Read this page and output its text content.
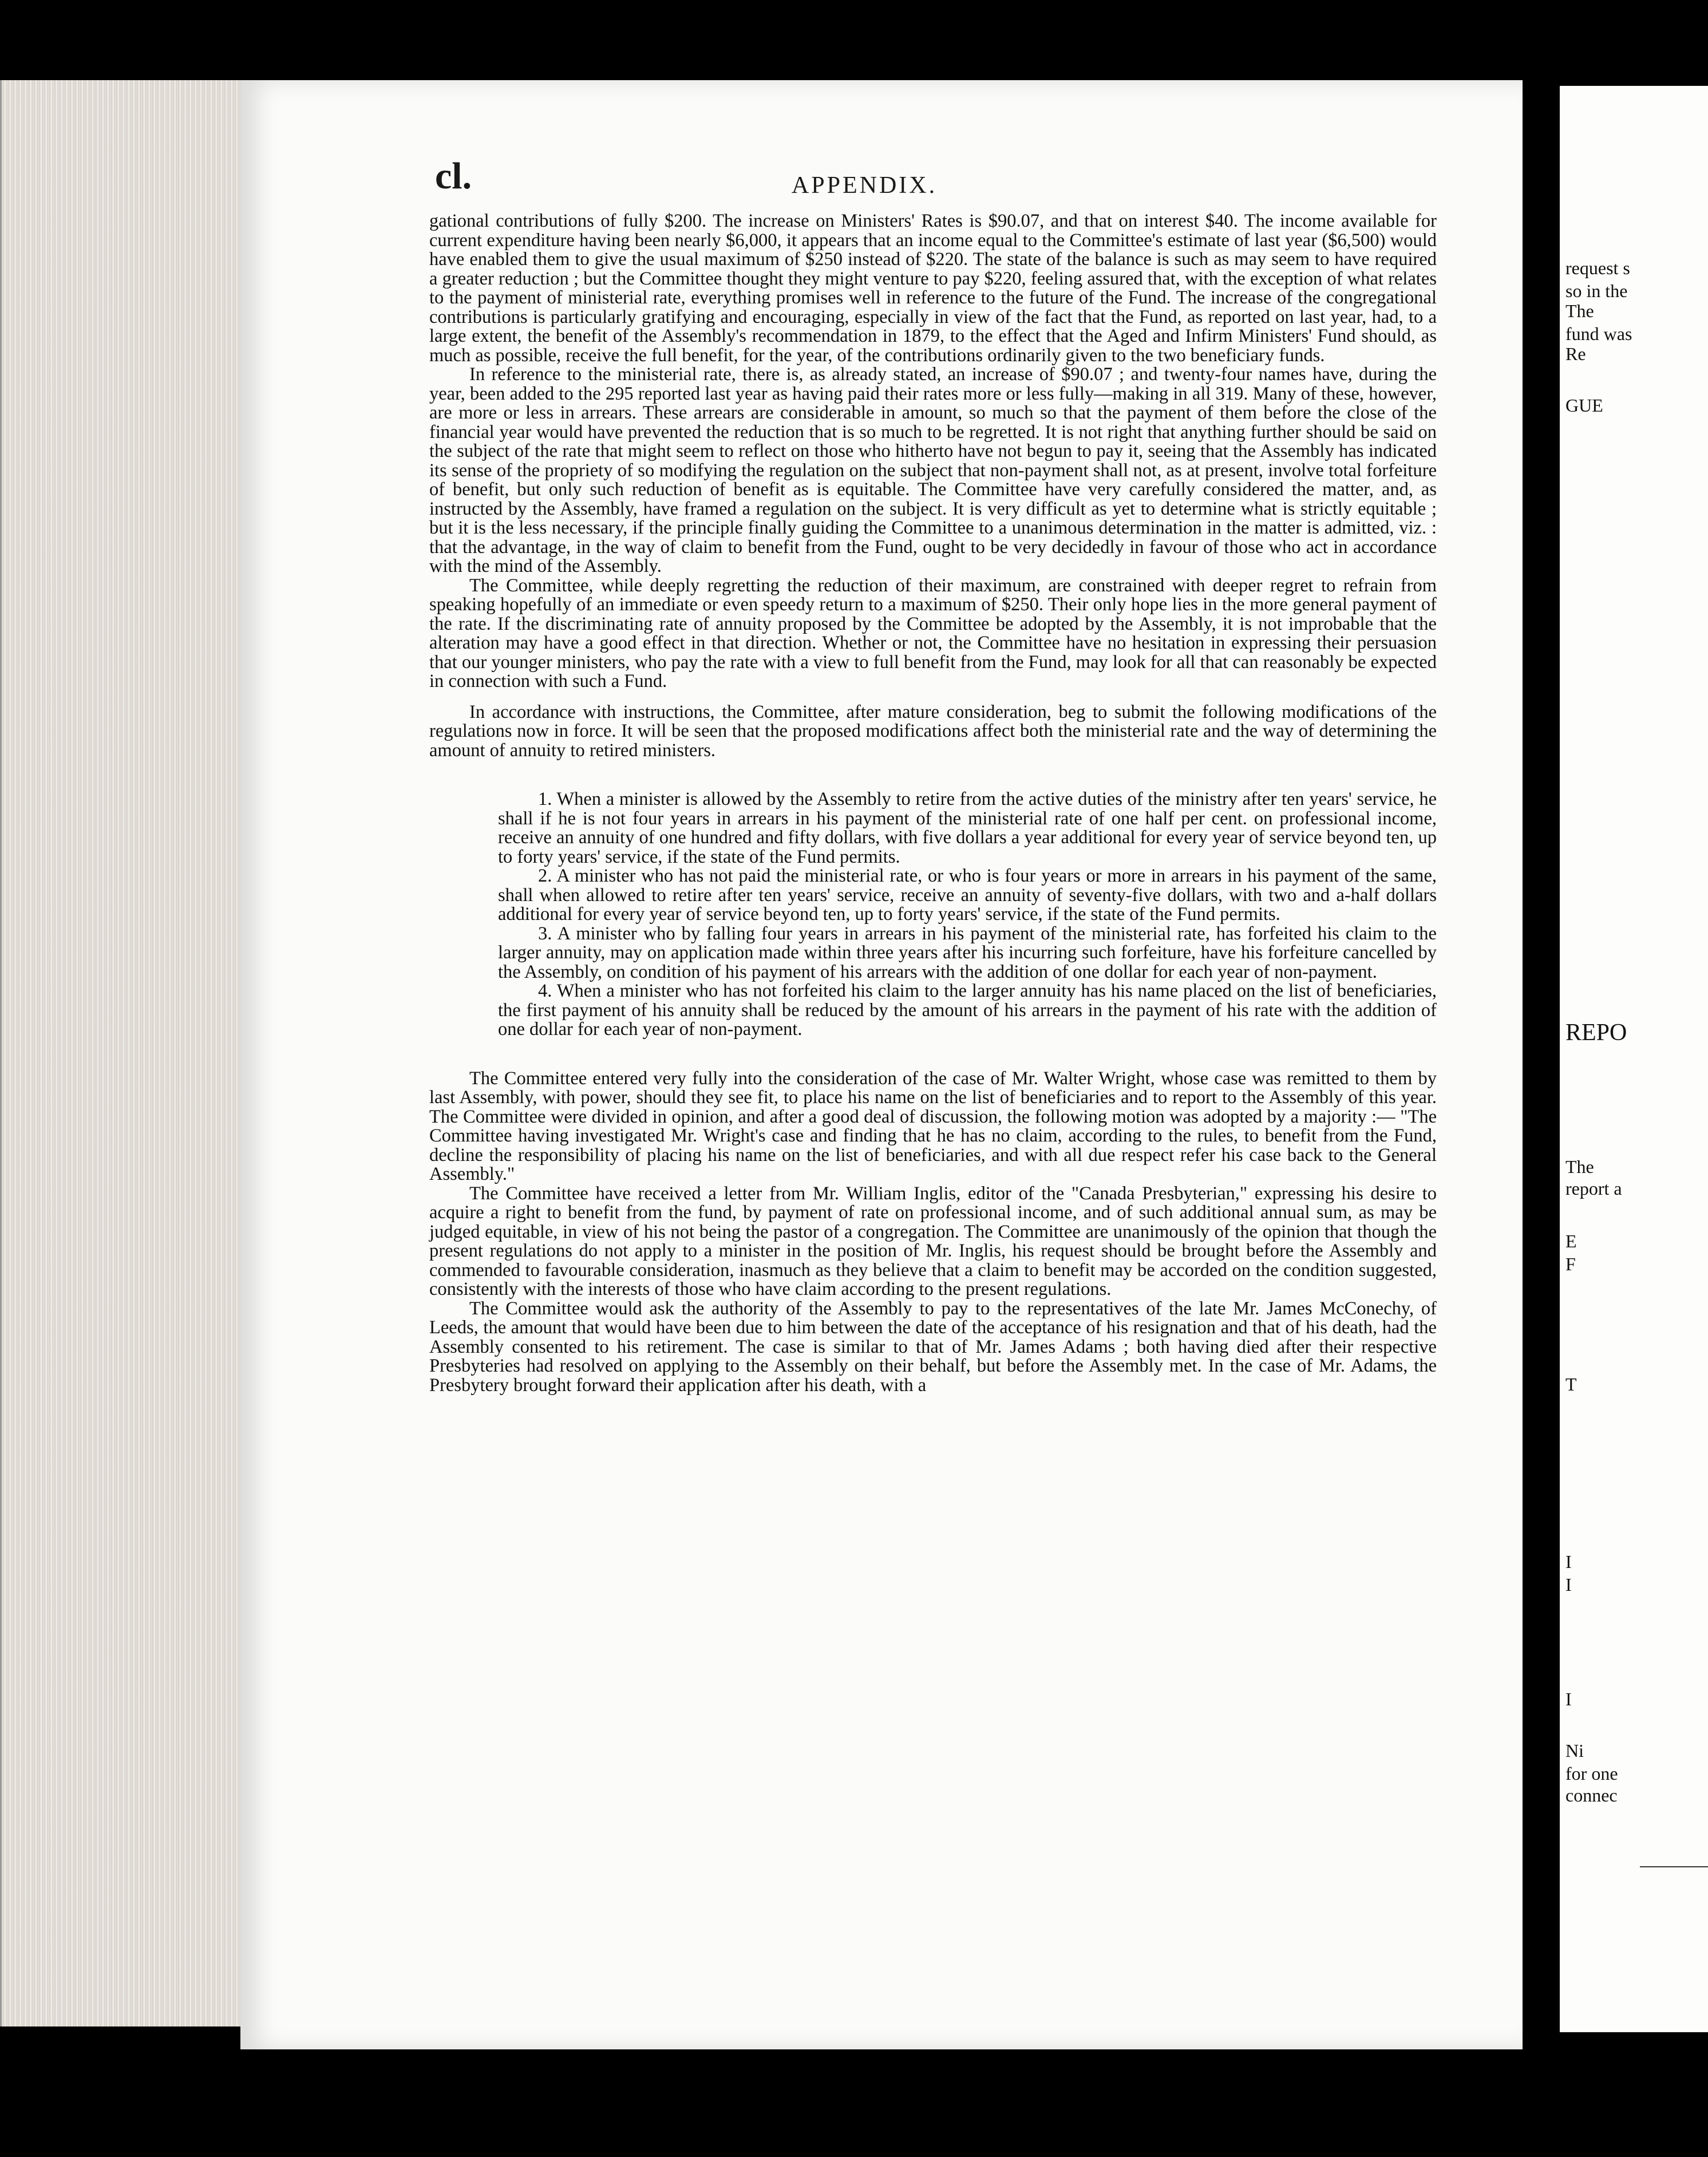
cl.	APPENDIX.

gational contributions of fully $200. The increase on Ministers' Rates is $90.07, and that on interest $40. The income available for current expenditure having been nearly $6,000, it appears that an income equal to the Committee's estimate of last year ($6,500) would have enabled them to give the usual maximum of $250 instead of $220. The state of the balance is such as may seem to have required a greater reduction ; but the Committee thought they might venture to pay $220, feeling assured that, with the exception of what relates to the payment of ministerial rate, everything promises well in reference to the future of the Fund. The increase of the congregational contributions is particularly gratifying and encouraging, especially in view of the fact that the Fund, as reported on last year, had, to a large extent, the benefit of the Assembly's recommendation in 1879, to the effect that the Aged and Infirm Ministers' Fund should, as much as possible, receive the full benefit, for the year, of the contributions ordinarily given to the two beneficiary funds.

In reference to the ministerial rate, there is, as already stated, an increase of $90.07 ; and twenty-four names have, during the year, been added to the 295 reported last year as having paid their rates more or less fully—making in all 319. Many of these, however, are more or less in arrears. These arrears are considerable in amount, so much so that the payment of them before the close of the financial year would have prevented the reduction that is so much to be regretted. It is not right that anything further should be said on the subject of the rate that might seem to reflect on those who hitherto have not begun to pay it, seeing that the Assembly has indicated its sense of the propriety of so modifying the regulation on the subject that non-payment shall not, as at present, involve total forfeiture of benefit, but only such reduction of benefit as is equitable. The Committee have very carefully considered the matter, and, as instructed by the Assembly, have framed a regulation on the subject. It is very difficult as yet to determine what is strictly equitable ; but it is the less necessary, if the principle finally guiding the Committee to a unanimous determination in the matter is admitted, viz. : that the advantage, in the way of claim to benefit from the Fund, ought to be very decidedly in favour of those who act in accordance with the mind of the Assembly.

The Committee, while deeply regretting the reduction of their maximum, are constrained with deeper regret to refrain from speaking hopefully of an immediate or even speedy return to a maximum of $250. Their only hope lies in the more general payment of the rate. If the discriminating rate of annuity proposed by the Committee be adopted by the Assembly, it is not improbable that the alteration may have a good effect in that direction. Whether or not, the Committee have no hesitation in expressing their persuasion that our younger ministers, who pay the rate with a view to full benefit from the Fund, may look for all that can reasonably be expected in connection with such a Fund.

In accordance with instructions, the Committee, after mature consideration, beg to submit the following modifications of the regulations now in force. It will be seen that the proposed modifications affect both the ministerial rate and the way of determining the amount of annuity to retired ministers.

1. When a minister is allowed by the Assembly to retire from the active duties of the ministry after ten years' service, he shall if he is not four years in arrears in his payment of the ministerial rate of one half per cent. on professional income, receive an annuity of one hundred and fifty dollars, with five dollars a year additional for every year of service beyond ten, up to forty years' service, if the state of the Fund permits.

2. A minister who has not paid the ministerial rate, or who is four years or more in arrears in his payment of the same, shall when allowed to retire after ten years' service, receive an annuity of seventy-five dollars, with two and a-half dollars additional for every year of service beyond ten, up to forty years' service, if the state of the Fund permits.

3. A minister who by falling four years in arrears in his payment of the ministerial rate, has forfeited his claim to the larger annuity, may on application made within three years after his incurring such forfeiture, have his forfeiture cancelled by the Assembly, on condition of his payment of his arrears with the addition of one dollar for each year of non-payment.

4. When a minister who has not forfeited his claim to the larger annuity has his name placed on the list of beneficiaries, the first payment of his annuity shall be reduced by the amount of his arrears in the payment of his rate with the addition of one dollar for each year of non-payment.

The Committee entered very fully into the consideration of the case of Mr. Walter Wright, whose case was remitted to them by last Assembly, with power, should they see fit, to place his name on the list of beneficiaries and to report to the Assembly of this year. The Committee were divided in opinion, and after a good deal of discussion, the following motion was adopted by a majority :— "The Committee having investigated Mr. Wright's case and finding that he has no claim, according to the rules, to benefit from the Fund, decline the responsibility of placing his name on the list of beneficiaries, and with all due respect refer his case back to the General Assembly."

The Committee have received a letter from Mr. William Inglis, editor of the "Canada Presbyterian," expressing his desire to acquire a right to benefit from the fund, by payment of rate on professional income, and of such additional annual sum, as may be judged equitable, in view of his not being the pastor of a congregation. The Committee are unanimously of the opinion that though the present regulations do not apply to a minister in the position of Mr. Inglis, his request should be brought before the Assembly and commended to favourable consideration, inasmuch as they believe that a claim to benefit may be accorded on the condition suggested, consistently with the interests of those who have claim according to the present regulations.

The Committee would ask the authority of the Assembly to pay to the representatives of the late Mr. James McConechy, of Leeds, the amount that would have been due to him between the date of the acceptance of his resignation and that of his death, had the Assembly consented to his retirement. The case is similar to that of Mr. James Adams ; both having died after their respective Presbyteries had resolved on applying to the Assembly on their behalf, but before the Assembly met. In the case of Mr. Adams, the Presbytery brought forward their application after his death, with a

request s
so in the
The
fund was
Re
GUE
REPO
The
report a
E
F
T
I
I
I
Ni
for one
connec
